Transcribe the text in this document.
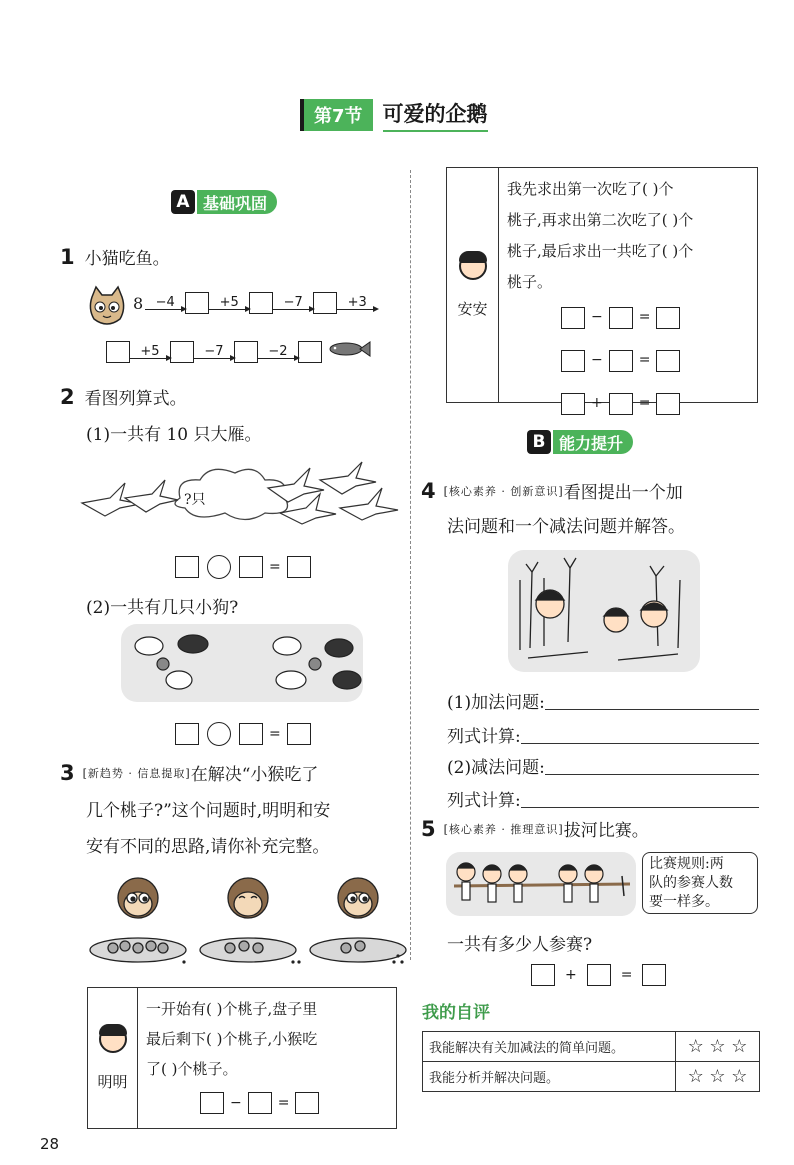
第7节 可爱的企鹅
A 基础巩固
1 小猫吃鱼。
8 −4	+5	−7	+3
+5	−7	−2
2 看图列算式。
(1)一共有 10 只大雁。
?只
=
(2)一共有几只小狗?
=
3 [新趋势 · 信息提取] 在解决“小猴吃了
几个桃子?”这个问题时,明明和安
安有不同的思路,请你补充完整。
明明
一开始有( )个桃子,盘子里
最后剩下( )个桃子,小猴吃
了( )个桃子。
−	=
安安
我先求出第一次吃了( )个
桃子,再求出第二次吃了( )个
桃子,最后求出一共吃了( )个
桃子。
−	=
−	=
+	=
B 能力提升
4 [核心素养 · 创新意识] 看图提出一个加
法问题和一个减法问题并解答。
(1)加法问题:
列式计算:
(2)减法问题:
列式计算:
5 [核心素养 · 推理意识] 拔河比赛。
比赛规则:两
队的参赛人数
要一样多。
一共有多少人参赛?
+	=
我的自评
我能解决有关加减法的简单问题。	☆ ☆ ☆
我能分析并解决问题。	☆ ☆ ☆
28
